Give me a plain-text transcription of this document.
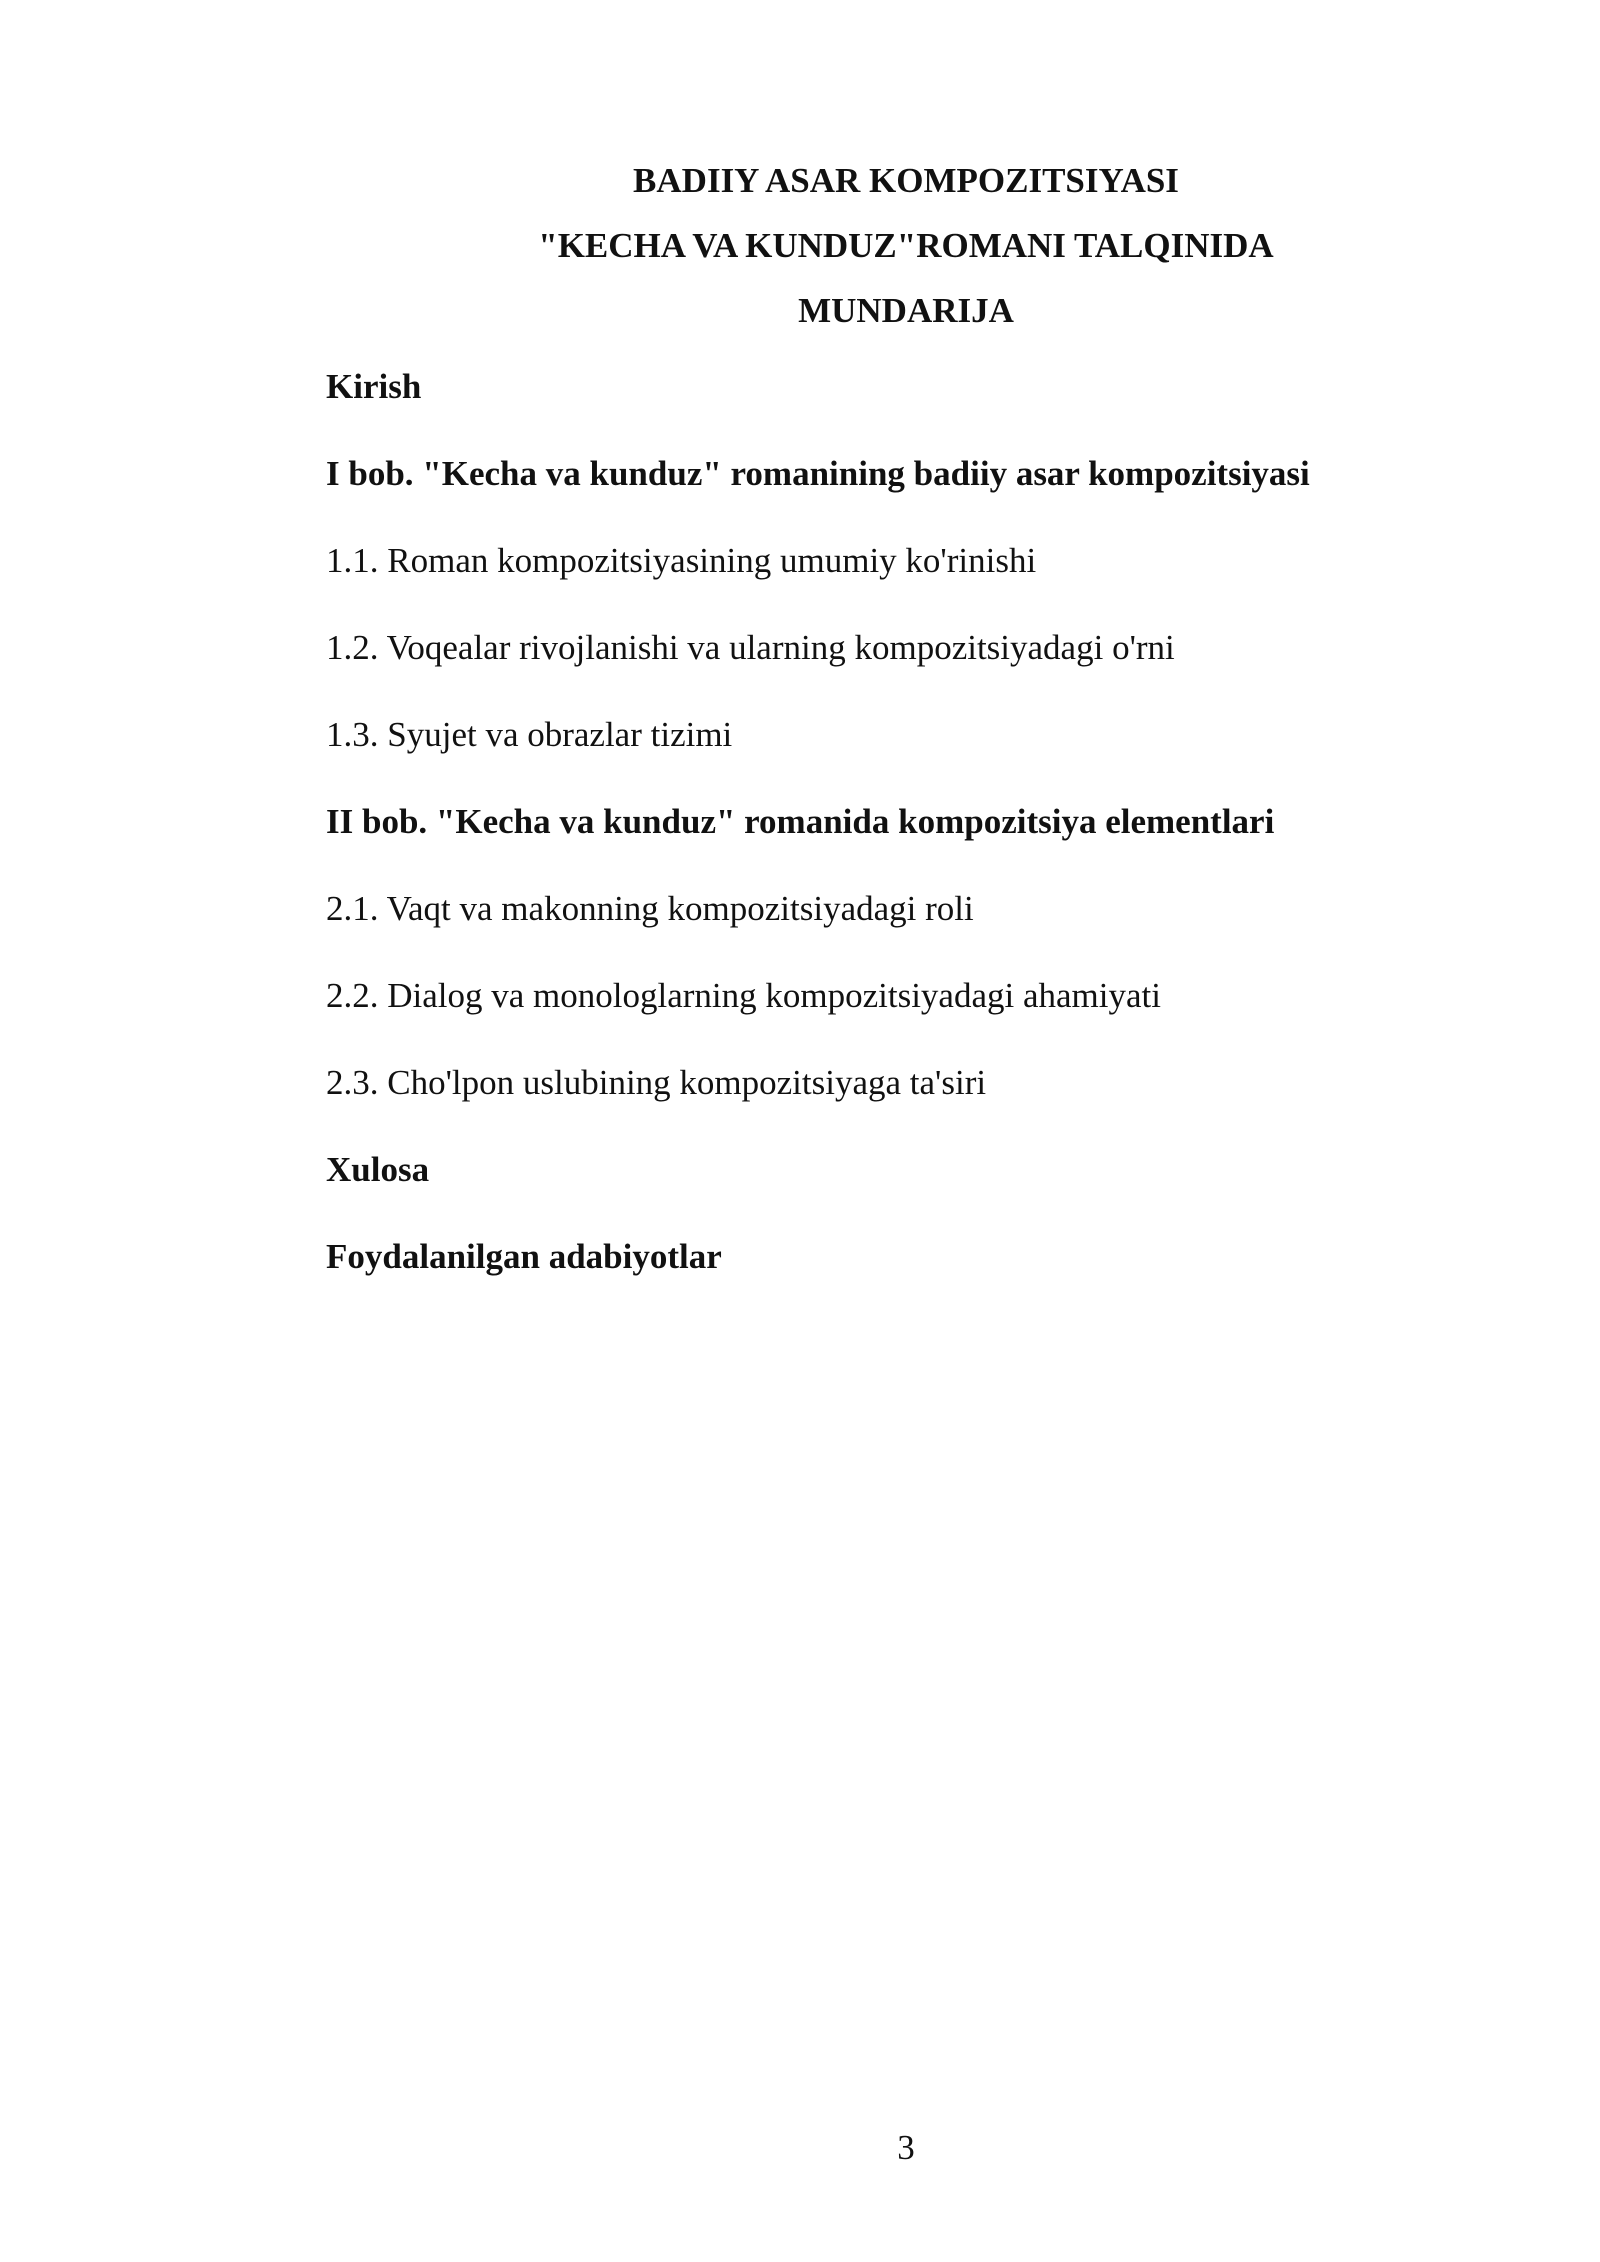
BADIIY ASAR KOMPOZITSIYASI
"KECHA VA KUNDUZ"ROMANI TALQINIDA
MUNDARIJA
Kirish
I bob. "Kecha va kunduz" romanining badiiy asar kompozitsiyasi
1.1. Roman kompozitsiyasining umumiy ko'rinishi
1.2. Voqealar rivojlanishi va ularning kompozitsiyadagi o'rni
1.3. Syujet va obrazlar tizimi
II bob. "Kecha va kunduz" romanida kompozitsiya elementlari
2.1. Vaqt va makonning kompozitsiyadagi roli
2.2. Dialog va monologlarning kompozitsiyadagi ahamiyati
2.3. Cho'lpon uslubining kompozitsiyaga ta'siri
Xulosa
Foydalanilgan adabiyotlar
3
